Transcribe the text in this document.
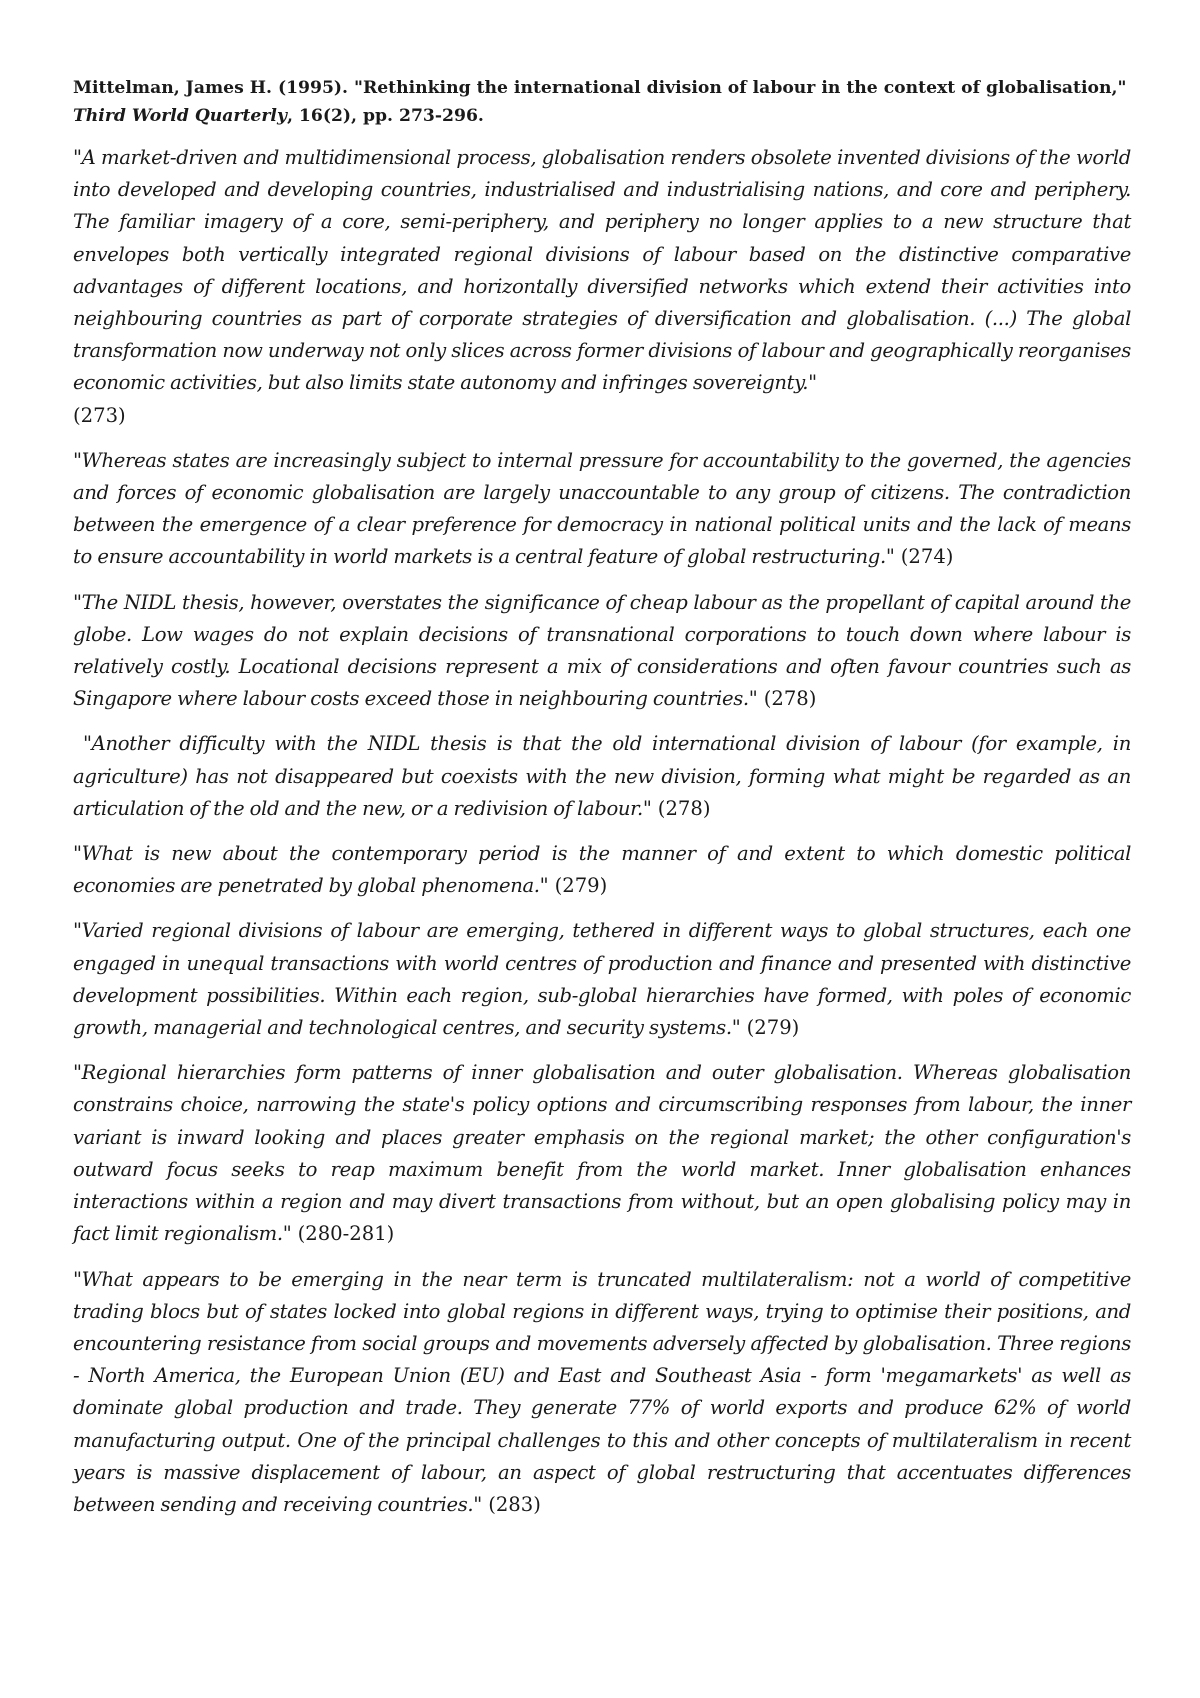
Mittelman, James H. (1995). "Rethinking the international division of labour in the context of globalisation,"
Third World Quarterly, 16(2), pp. 273-296.

"A market-driven and multidimensional process, globalisation renders obsolete invented divisions of the world into developed and developing countries, industrialised and industrialising nations, and core and periphery. The familiar imagery of a core, semi-periphery, and periphery no longer applies to a new structure that envelopes both vertically integrated regional divisions of labour based on the distinctive comparative advantages of different locations, and horizontally diversified networks which extend their activities into neighbouring countries as part of corporate strategies of diversification and globalisation. (...) The global transformation now underway not only slices across former divisions of labour and geographically reorganises economic activities, but also limits state autonomy and infringes sovereignty."
(273)

"Whereas states are increasingly subject to internal pressure for accountability to the governed, the agencies and forces of economic globalisation are largely unaccountable to any group of citizens. The contradiction between the emergence of a clear preference for democracy in national political units and the lack of means to ensure accountability in world markets is a central feature of global restructuring." (274)

"The NIDL thesis, however, overstates the significance of cheap labour as the propellant of capital around the globe. Low wages do not explain decisions of transnational corporations to touch down where labour is relatively costly. Locational decisions represent a mix of considerations and often favour countries such as Singapore where labour costs exceed those in neighbouring countries." (278)

"Another difficulty with the NIDL thesis is that the old international division of labour (for example, in agriculture) has not disappeared but coexists with the new division, forming what might be regarded as an articulation of the old and the new, or a redivision of labour." (278)

"What is new about the contemporary period is the manner of and extent to which domestic political economies are penetrated by global phenomena." (279)

"Varied regional divisions of labour are emerging, tethered in different ways to global structures, each one engaged in unequal transactions with world centres of production and finance and presented with distinctive development possibilities. Within each region, sub-global hierarchies have formed, with poles of economic growth, managerial and technological centres, and security systems." (279)

"Regional hierarchies form patterns of inner globalisation and outer globalisation. Whereas globalisation constrains choice, narrowing the state's policy options and circumscribing responses from labour, the inner variant is inward looking and places greater emphasis on the regional market; the other configuration's outward focus seeks to reap maximum benefit from the world market. Inner globalisation enhances interactions within a region and may divert transactions from without, but an open globalising policy may in fact limit regionalism." (280-281)

"What appears to be emerging in the near term is truncated multilateralism: not a world of competitive trading blocs but of states locked into global regions in different ways, trying to optimise their positions, and encountering resistance from social groups and movements adversely affected by globalisation. Three regions - North America, the European Union (EU) and East and Southeast Asia - form 'megamarkets' as well as dominate global production and trade. They generate 77% of world exports and produce 62% of world manufacturing output. One of the principal challenges to this and other concepts of multilateralism in recent years is massive displacement of labour, an aspect of global restructuring that accentuates differences between sending and receiving countries." (283)
